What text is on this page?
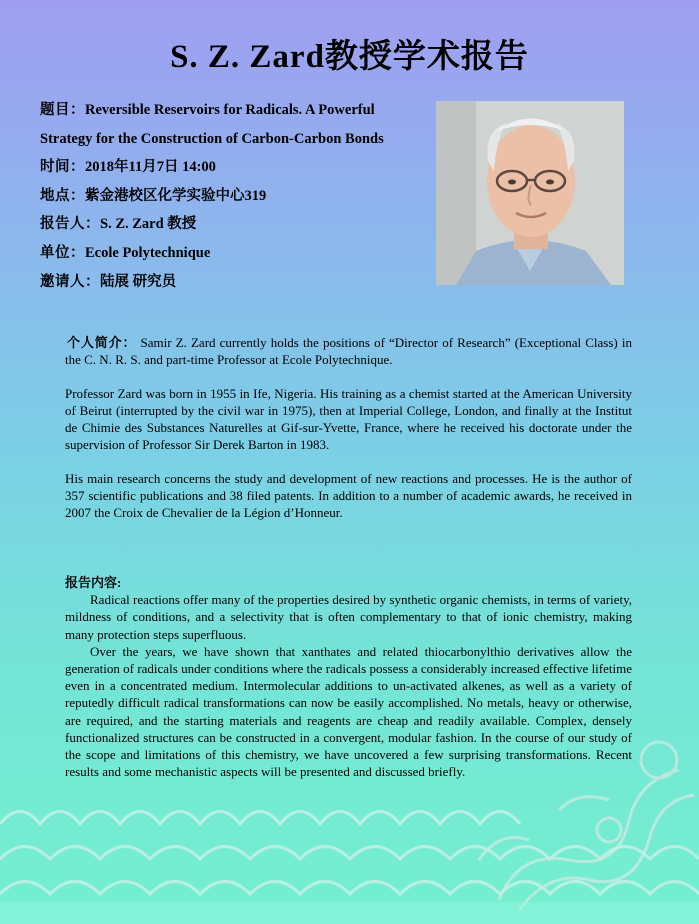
S. Z. Zard教授学术报告
题目：Reversible Reservoirs for Radicals. A Powerful
Strategy for the Construction of Carbon-Carbon Bonds
时间：2018年11月7日 14:00
地点：紫金港校区化学实验中心319
报告人：S. Z. Zard 教授
单位：Ecole Polytechnique
邀请人：陆展 研究员

个人简介： Samir Z. Zard currently holds the positions of “Director of Research” (Exceptional Class) in the C. N. R. S. and part-time Professor at Ecole Polytechnique.

Professor Zard was born in 1955 in Ife, Nigeria. His training as a chemist started at the American University of Beirut (interrupted by the civil war in 1975), then at Imperial College, London, and finally at the Institut de Chimie des Substances Naturelles at Gif-sur-Yvette, France, where he received his doctorate under the supervision of Professor Sir Derek Barton in 1983.

His main research concerns the study and development of new reactions and processes. He is the author of 357 scientific publications and 38 filed patents. In addition to a number of academic awards, he received in 2007 the Croix de Chevalier de la Légion d’Honneur.

报告内容:

Radical reactions offer many of the properties desired by synthetic organic chemists, in terms of variety, mildness of conditions, and a selectivity that is often complementary to that of ionic chemistry, making many protection steps superfluous.

Over the years, we have shown that xanthates and related thiocarbonylthio derivatives allow the generation of radicals under conditions where the radicals possess a considerably increased effective lifetime even in a concentrated medium. Intermolecular additions to un-activated alkenes, as well as a variety of reputedly difficult radical transformations can now be easily accomplished. No metals, heavy or otherwise, are required, and the starting materials and reagents are cheap and readily available. Complex, densely functionalized structures can be constructed in a convergent, modular fashion. In the course of our study of the scope and limitations of this chemistry, we have uncovered a few surprising transformations. Recent results and some mechanistic aspects will be presented and discussed briefly.
